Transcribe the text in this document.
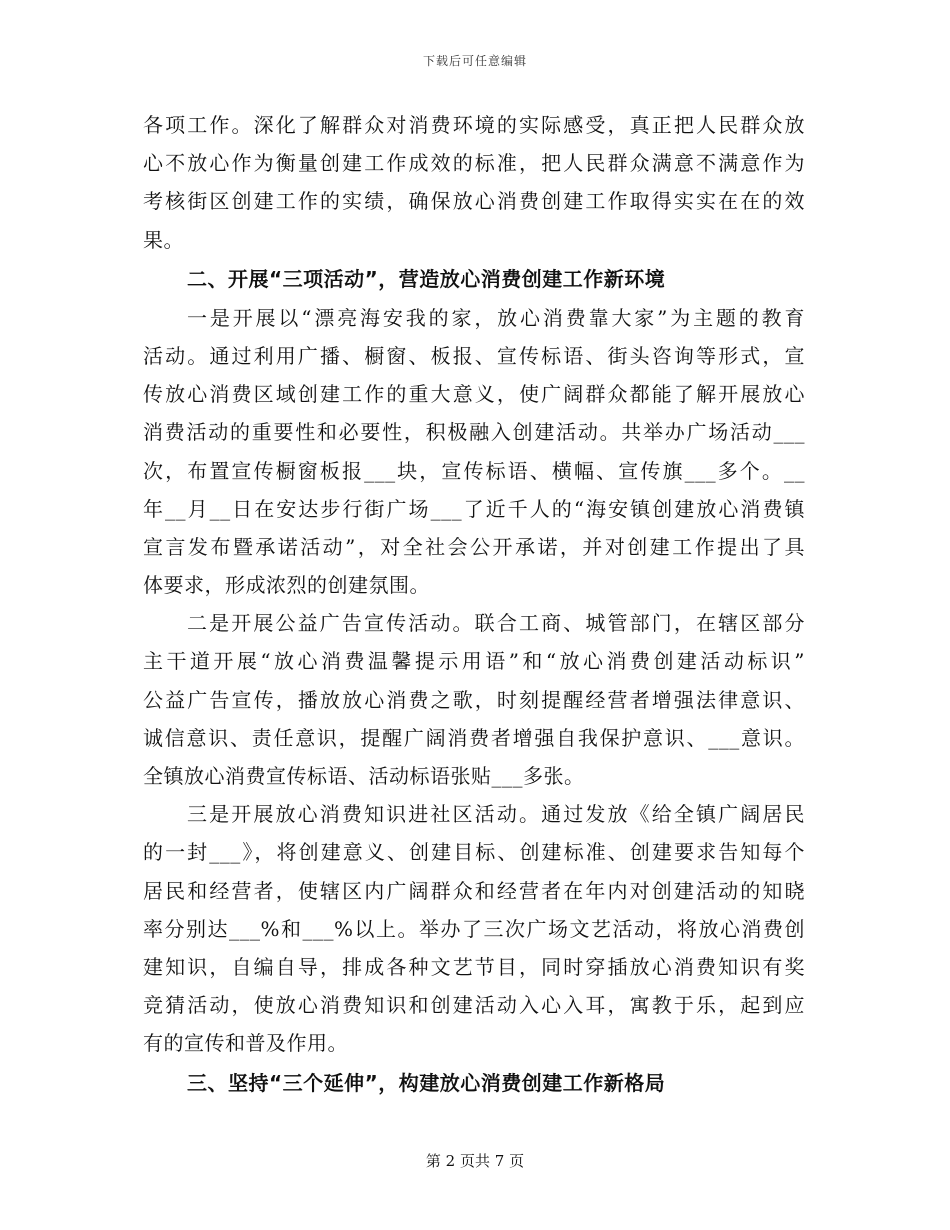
下载后可任意编辑
各项工作。深化了解群众对消费环境的实际感受，真正把人民群众放
心不放心作为衡量创建工作成效的标准，把人民群众满意不满意作为
考核街区创建工作的实绩，确保放心消费创建工作取得实实在在的效
果。
二、开展“三项活动”，营造放心消费创建工作新环境
一是开展以“漂亮海安我的家，放心消费靠大家”为主题的教育
活动。通过利用广播、橱窗、板报、宣传标语、街头咨询等形式，宣
传放心消费区域创建工作的重大意义，使广阔群众都能了解开展放心
消费活动的重要性和必要性，积极融入创建活动。共举办广场活动___
次，布置宣传橱窗板报___块，宣传标语、横幅、宣传旗___多个。__
年__月__日在安达步行街广场___了近千人的“海安镇创建放心消费镇
宣言发布暨承诺活动”，对全社会公开承诺，并对创建工作提出了具
体要求，形成浓烈的创建氛围。
二是开展公益广告宣传活动。联合工商、城管部门，在辖区部分
主干道开展“放心消费温馨提示用语”和“放心消费创建活动标识”
公益广告宣传，播放放心消费之歌，时刻提醒经营者增强法律意识、
诚信意识、责任意识，提醒广阔消费者增强自我保护意识、___意识。
全镇放心消费宣传标语、活动标语张贴___多张。
三是开展放心消费知识进社区活动。通过发放《给全镇广阔居民
的一封___》，将创建意义、创建目标、创建标准、创建要求告知每个
居民和经营者，使辖区内广阔群众和经营者在年内对创建活动的知晓
率分别达___%和___%以上。举办了三次广场文艺活动，将放心消费创
建知识，自编自导，排成各种文艺节目，同时穿插放心消费知识有奖
竞猜活动，使放心消费知识和创建活动入心入耳，寓教于乐，起到应
有的宣传和普及作用。
三、坚持“三个延伸”，构建放心消费创建工作新格局
第 2 页共 7 页
